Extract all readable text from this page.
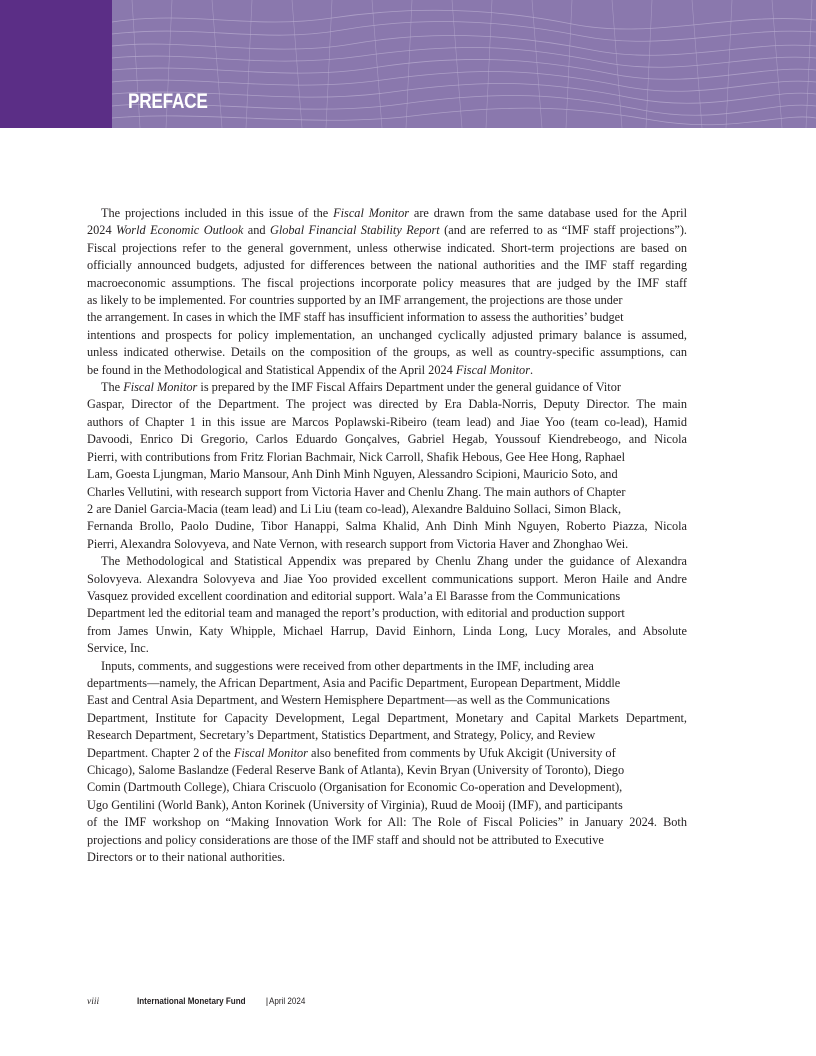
PREFACE
The projections included in this issue of the Fiscal Monitor are drawn from the same database used for the April
2024 World Economic Outlook and Global Financial Stability Report (and are referred to as “IMF staff projections”).
Fiscal projections refer to the general government, unless otherwise indicated. Short-term projections are based on
officially announced budgets, adjusted for differences between the national authorities and the IMF staff regarding
macroeconomic assumptions. The fiscal projections incorporate policy measures that are judged by the IMF staff
as likely to be implemented. For countries supported by an IMF arrangement, the projections are those under
the arrangement. In cases in which the IMF staff has insufficient information to assess the authorities’ budget
intentions and prospects for policy implementation, an unchanged cyclically adjusted primary balance is assumed,
unless indicated otherwise. Details on the composition of the groups, as well as country-specific assumptions, can
be found in the Methodological and Statistical Appendix of the April 2024 Fiscal Monitor.
The Fiscal Monitor is prepared by the IMF Fiscal Affairs Department under the general guidance of Vitor
Gaspar, Director of the Department. The project was directed by Era Dabla-Norris, Deputy Director. The main
authors of Chapter 1 in this issue are Marcos Poplawski-Ribeiro (team lead) and Jiae Yoo (team co-lead), Hamid
Davoodi, Enrico Di Gregorio, Carlos Eduardo Gonçalves, Gabriel Hegab, Youssouf Kiendrebeogo, and Nicola
Pierri, with contributions from Fritz Florian Bachmair, Nick Carroll, Shafik Hebous, Gee Hee Hong, Raphael
Lam, Goesta Ljungman, Mario Mansour, Anh Dinh Minh Nguyen, Alessandro Scipioni, Mauricio Soto, and
Charles Vellutini, with research support from Victoria Haver and Chenlu Zhang. The main authors of Chapter
2 are Daniel Garcia-Macia (team lead) and Li Liu (team co-lead), Alexandre Balduino Sollaci, Simon Black,
Fernanda Brollo, Paolo Dudine, Tibor Hanappi, Salma Khalid, Anh Dinh Minh Nguyen, Roberto Piazza, Nicola
Pierri, Alexandra Solovyeva, and Nate Vernon, with research support from Victoria Haver and Zhonghao Wei.
The Methodological and Statistical Appendix was prepared by Chenlu Zhang under the guidance of Alexandra
Solovyeva. Alexandra Solovyeva and Jiae Yoo provided excellent communications support. Meron Haile and Andre
Vasquez provided excellent coordination and editorial support. Wala’a El Barasse from the Communications
Department led the editorial team and managed the report’s production, with editorial and production support
from James Unwin, Katy Whipple, Michael Harrup, David Einhorn, Linda Long, Lucy Morales, and Absolute
Service, Inc.
Inputs, comments, and suggestions were received from other departments in the IMF, including area
departments—namely, the African Department, Asia and Pacific Department, European Department, Middle
East and Central Asia Department, and Western Hemisphere Department—as well as the Communications
Department, Institute for Capacity Development, Legal Department, Monetary and Capital Markets Department,
Research Department, Secretary’s Department, Statistics Department, and Strategy, Policy, and Review
Department. Chapter 2 of the Fiscal Monitor also benefited from comments by Ufuk Akcigit (University of
Chicago), Salome Baslandze (Federal Reserve Bank of Atlanta), Kevin Bryan (University of Toronto), Diego
Comin (Dartmouth College), Chiara Criscuolo (Organisation for Economic Co-operation and Development),
Ugo Gentilini (World Bank), Anton Korinek (University of Virginia), Ruud de Mooij (IMF), and participants
of the IMF workshop on “Making Innovation Work for All: The Role of Fiscal Policies” in January 2024. Both
projections and policy considerations are those of the IMF staff and should not be attributed to Executive
Directors or to their national authorities.
viii	International Monetary Fund |April 2024
